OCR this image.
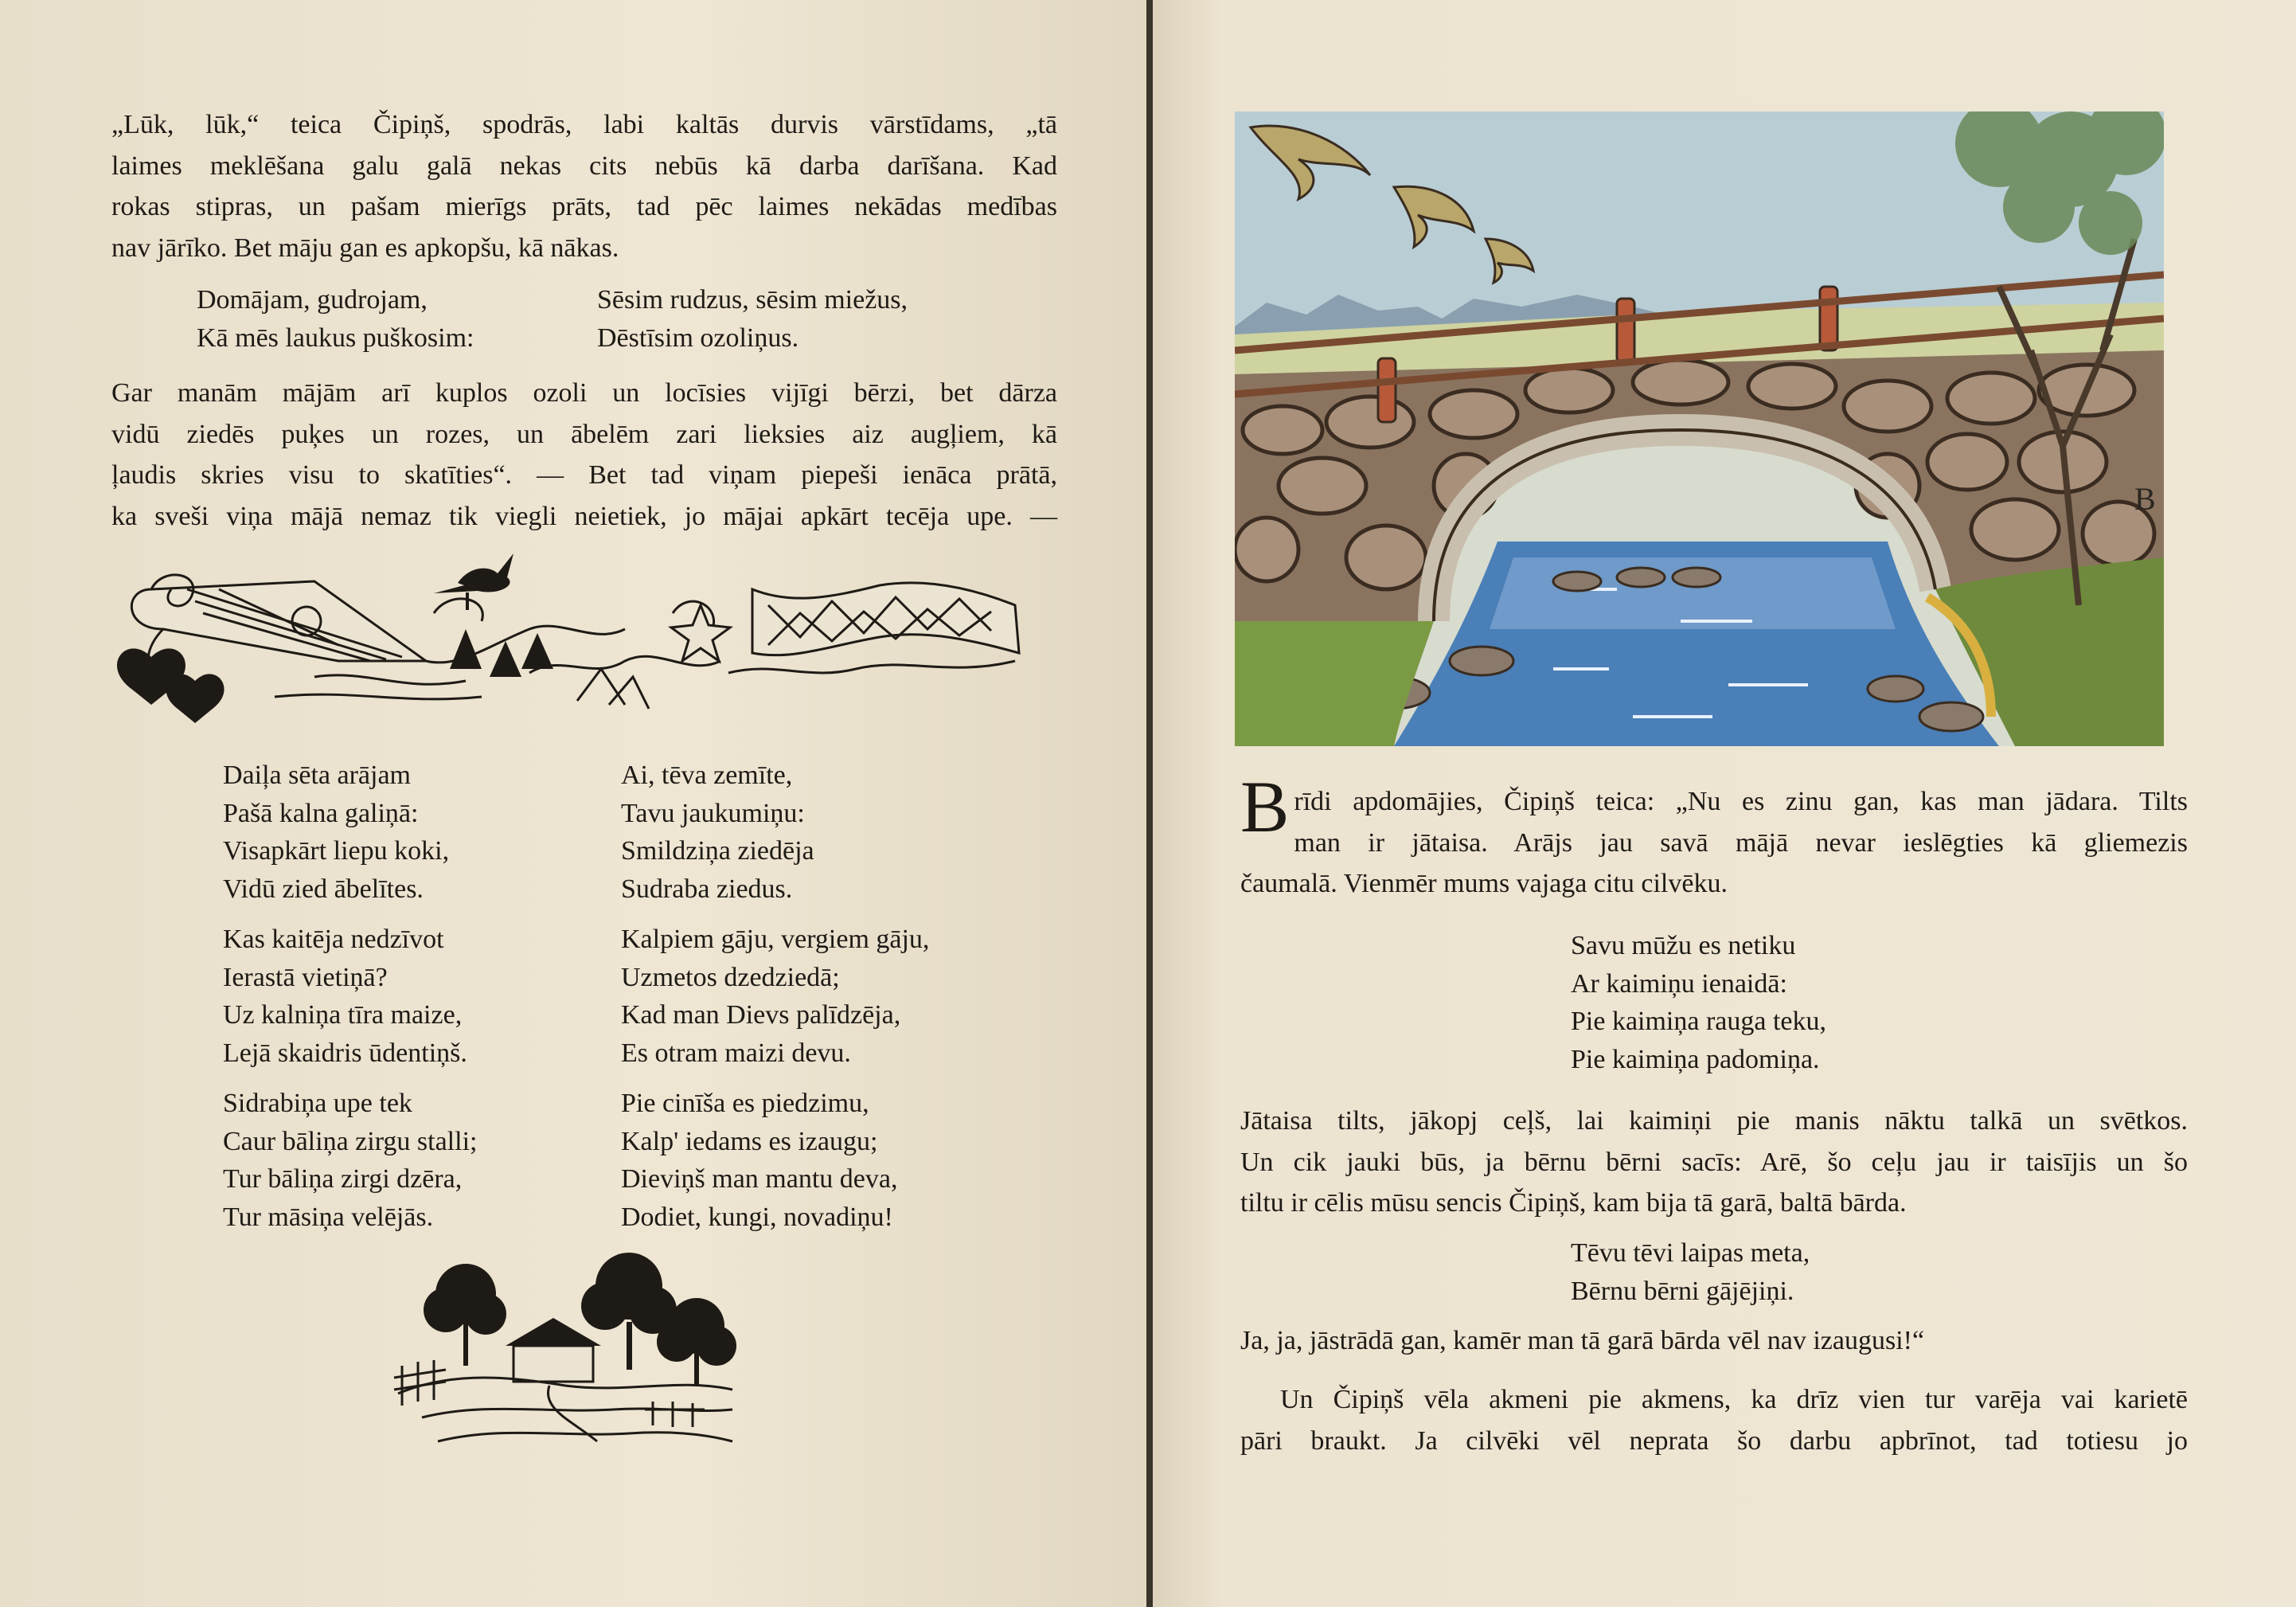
„Lūk, lūk,“ teica Čipiņš, spodrās, labi kaltās durvis vārstīdams, „tā

laimes meklēšana galu galā nekas cits nebūs kā darba darīšana. Kad

rokas stipras, un pašam mierīgs prāts, tad pēc laimes nekādas medības

nav jārīko. Bet māju gan es apkopšu, kā nākas.

Domājam, gudrojam,
Kā mēs laukus puškosim:
Sēsim rudzus, sēsim miežus,
Dēstīsim ozoliņus.

Gar manām mājām arī kuplos ozoli un locīsies vijīgi bērzi, bet dārza

vidū ziedēs puķes un rozes, un ābelēm zari lieksies aiz augļiem, kā

ļaudis skries visu to skatīties“. — Bet tad viņam piepeši ienāca prātā,

ka sveši viņa mājā nemaz tik viegli neietiek, jo mājai apkārt tecēja upe. —

Daiļa sēta arājam
Pašā kalna galiņā:
Visapkārt liepu koki,
Vidū zied ābelītes.
Kas kaitēja nedzīvot
Ierastā vietiņā?
Uz kalniņa tīra maize,
Lejā skaidris ūdentiņš.
Sidrabiņa upe tek
Caur bāliņa zirgu stalli;
Tur bāliņa zirgi dzēra,
Tur māsiņa velējās.
Ai, tēva zemīte,
Tavu jaukumiņu:
Smildziņa ziedēja
Sudraba ziedus.
Kalpiem gāju, vergiem gāju,
Uzmetos dzedziedā;
Kad man Dievs palīdzēja,
Es otram maizi devu.
Pie cinīša es piedzimu,
Kalp' iedams es izaugu;
Dieviņš man mantu deva,
Dodiet, kungi, novadiņu!
B
B rīdi apdomājies, Čipiņš teica: „Nu es zinu gan, kas man jādara. Tilts

man ir jātaisa. Arājs jau savā mājā nevar ieslēgties kā gliemezis

čaumalā. Vienmēr mums vajaga citu cilvēku.

Savu mūžu es netiku
Ar kaimiņu ienaidā:
Pie kaimiņa rauga teku,
Pie kaimiņa padomiņa.

Jātaisa tilts, jākopj ceļš, lai kaimiņi pie manis nāktu talkā un svētkos.

Un cik jauki būs, ja bērnu bērni sacīs: Arē, šo ceļu jau ir taisījis un šo

tiltu ir cēlis mūsu sencis Čipiņš, kam bija tā garā, baltā bārda.

Tēvu tēvi laipas meta,
Bērnu bērni gājējiņi.

Ja, ja, jāstrādā gan, kamēr man tā garā bārda vēl nav izaugusi!“

Un Čipiņš vēla akmeni pie akmens, ka drīz vien tur varēja vai karietē

pāri braukt. Ja cilvēki vēl neprata šo darbu apbrīnot, tad totiesu jo
